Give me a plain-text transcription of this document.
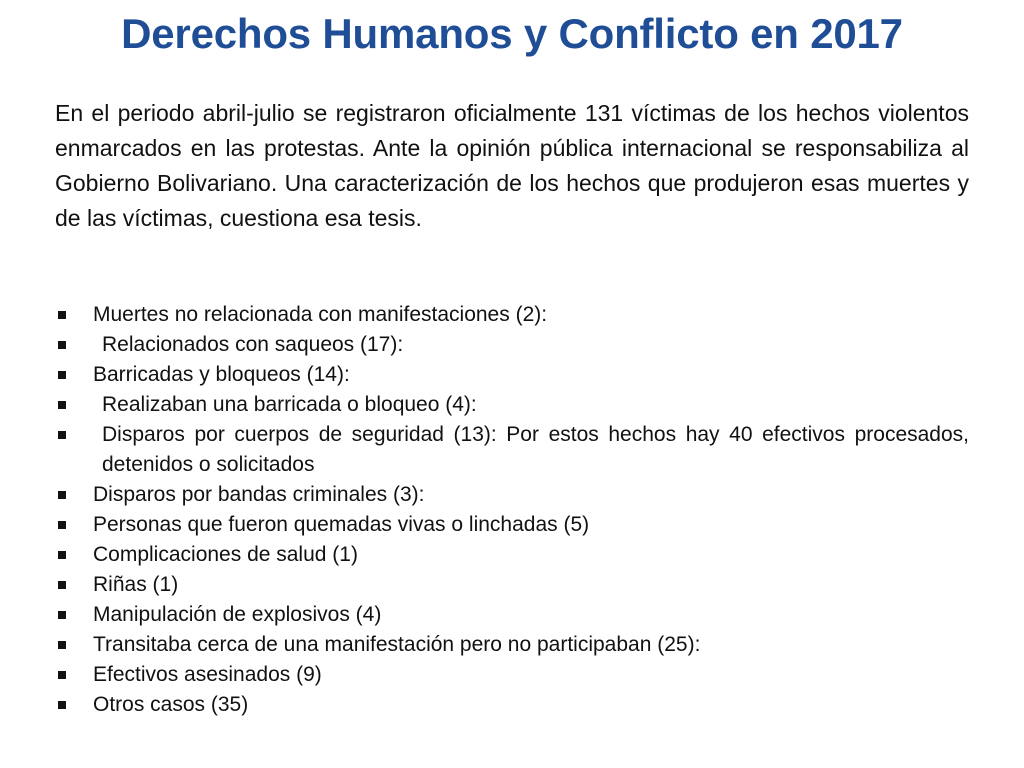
Derechos Humanos y Conflicto en 2017

En el periodo abril-julio se registraron oficialmente 131 víctimas de los hechos violentos enmarcados en las protestas. Ante la opinión pública internacional se responsabiliza al Gobierno Bolivariano. Una caracterización de los hechos que produjeron esas muertes y de las víctimas, cuestiona esa tesis.

Muertes no relacionada con manifestaciones (2):
Relacionados con saqueos (17):
Barricadas y bloqueos (14):
Realizaban una barricada o bloqueo (4):
Disparos por cuerpos de seguridad (13): Por estos hechos hay 40 efectivos procesados, detenidos o solicitados
Disparos por bandas criminales (3):
Personas que fueron quemadas vivas o linchadas (5)
Complicaciones de salud (1)
Riñas (1)
Manipulación de explosivos (4)
Transitaba cerca de una manifestación pero no participaban (25):
Efectivos asesinados (9)
Otros casos (35)
